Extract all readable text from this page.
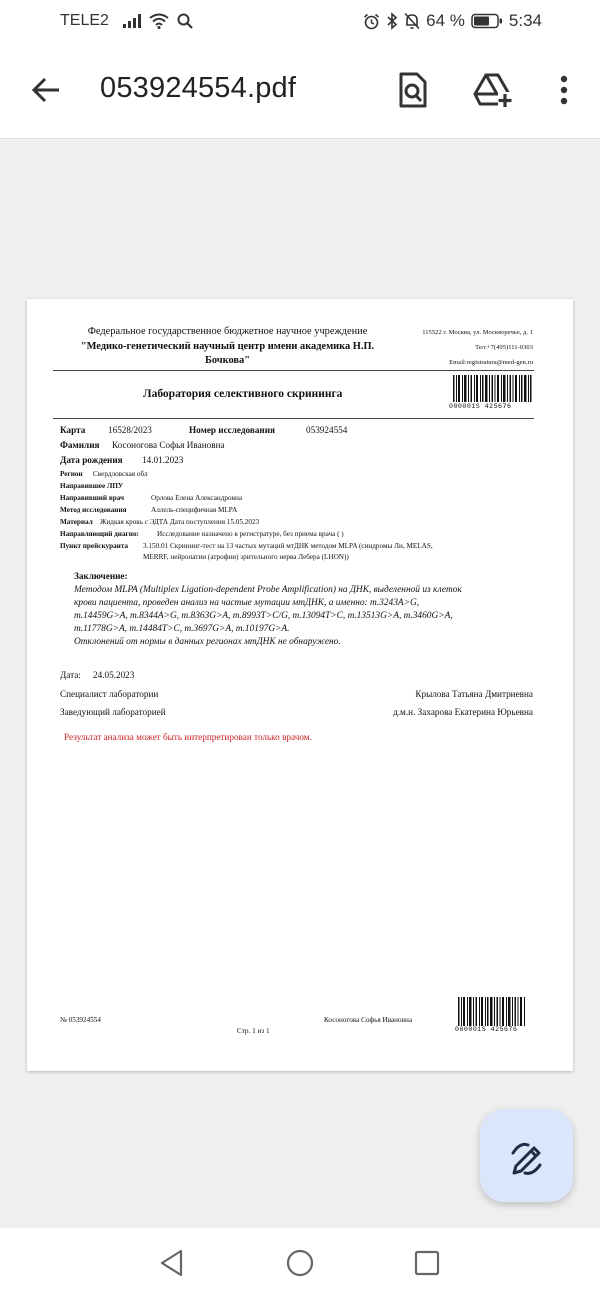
TELE2	64 %	5:34
053924554.pdf
Федеральное государственное бюджетное научное учреждение
"Медико-генетический научный центр имени академика Н.П.
Бочкова"
115522 г. Москва, ул. Москворечье, д. 1
Тел:+7(495)111-0303
Email:registratura@med-gen.ru
000001S 425676
Лаборатория селективного скрининга
Карта 16528/2023	Номер исследования	053924554
Фамилия Косоногова Софья Ивановна
Дата рождения 14.01.2023
Регион Свердловская обл
Направившее ЛПУ
Направивший врач	Орлова Елена Александровна
Метод исследования	Аллель-специфичная MLPA
Материал Жидкая кровь с ЭДТА Дата поступления 15.05.2023
Направляющий диагно:	Исследование назначено в регистратуре, без приема врача ( )
Пункт прейскуранта 3.150.01 Скрининг-тест на 13 частых мутаций мтДНК методом MLPA (синдромы Ли, MELAS,
MERRF, нейропатии (атрофии) зрительного нерва Лебера (LHON))
Заключение:
Методом MLPA (Multiplex Ligation-dependent Probe Amplification) на ДНК, выделенной из клеток
крови пациента, проведен анализ на частые мутации мтДНК, а именно: m.3243A>G,
m.14459G>A, m.8344A>G, m.8363G>A, m.8993T>C/G, m.13094T>C, m.13513G>A, m.3460G>A,
m.11778G>A, m.14484T>C, m.3697G>A, m.10197G>A.
Отклонений от нормы в данных регионах мтДНК не обнаружено.
Дата: 24.05.2023
Специалист лаборатории	Крылова Татьяна Дмитриевна
Заведующий лабораторией	д.м.н. Захарова Екатерина Юрьевна
Результат анализа может быть интерпретирован только врачом.
№ 053924554
Стр. 1 из 1
Косоногова Софья Ивановна
000001S 425676
